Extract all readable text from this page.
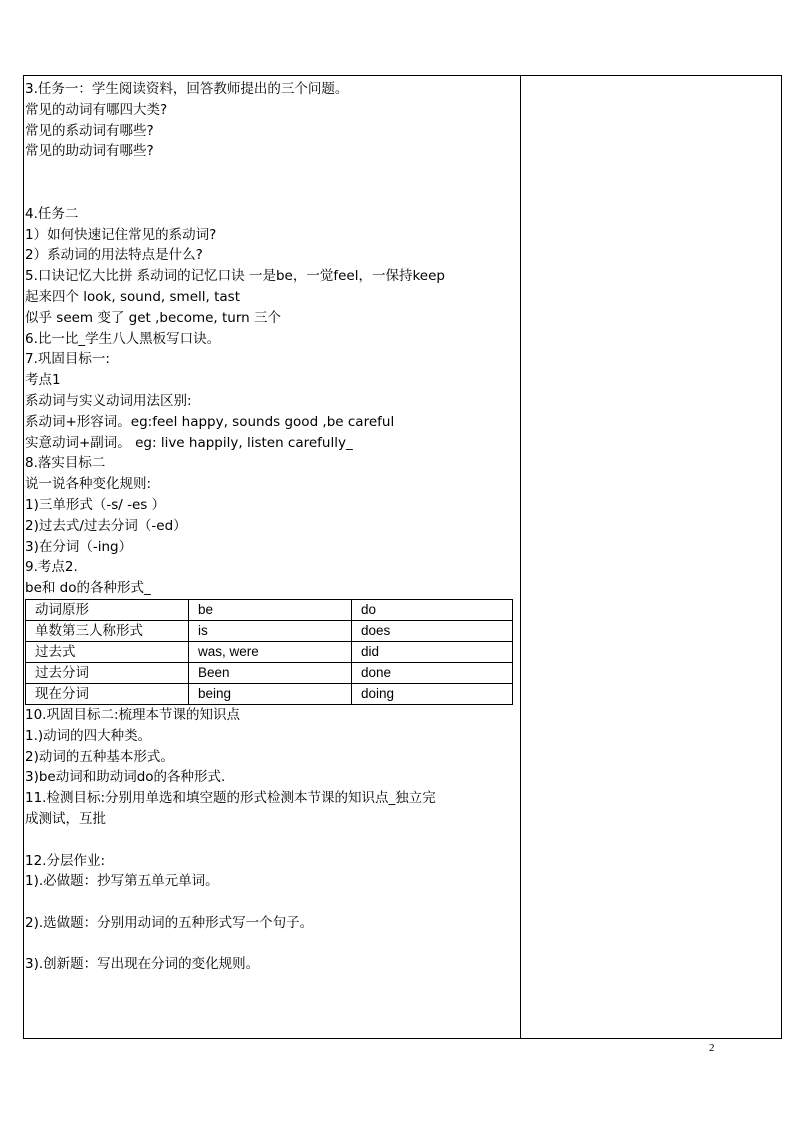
3.任务一：学生阅读资料，回答教师提出的三个问题。
常见的动词有哪四大类?
常见的系动词有哪些?
常见的助动词有哪些?
4.任务二
1）如何快速记住常见的系动词?
2）系动词的用法特点是什么?
5.口诀记忆大比拼 系动词的记忆口诀 一是be，一觉feel，一保持keep
起来四个 look, sound, smell, tast
似乎 seem 变了 get ,become, turn 三个
6.比一比_学生八人黑板写口诀。
7.巩固目标一:
考点1
系动词与实义动词用法区别:
系动词+形容词。eg:feel happy, sounds good ,be careful
实意动词+副词。 eg: live happily, listen carefully_
8.落实目标二
说一说各种变化规则:
1)三单形式（-s/ -es ）
2)过去式/过去分词（-ed）
3)在分词（-ing）
9.考点2.
be和 do的各种形式_
动词原形	be	do
单数第三人称形式	is	does
过去式	was, were	did
过去分词	Been	done
现在分词	being	doing
10.巩固目标二:梳理本节课的知识点
1.)动词的四大种类。
2)动词的五种基本形式。
3)be动词和助动词do的各种形式.
11.检测目标:分别用单选和填空题的形式检测本节课的知识点_独立完
成测试，互批
12.分层作业:
1).必做题：抄写第五单元单词。
2).选做题：分别用动词的五种形式写一个句子。
3).创新题：写出现在分词的变化规则。
2
